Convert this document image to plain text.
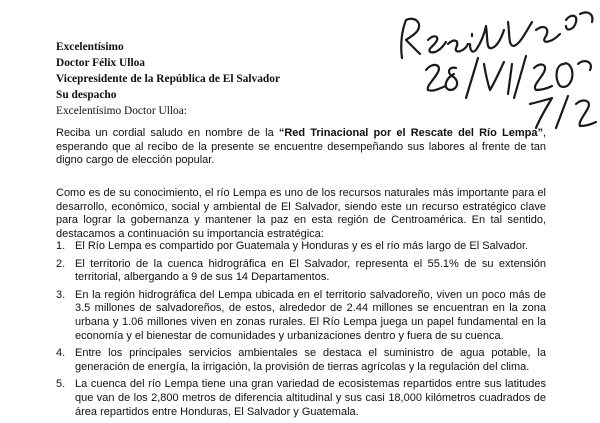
Excelentísimo
Doctor Félix Ulloa
Vicepresidente de la República de El Salvador
Su despacho
Excelentísimo Doctor Ulloa:
Reciba un cordial saludo en nombre de la “Red Trinacional por el Rescate del Río Lempa”, esperando que al recibo de la presente se encuentre desempeñando sus labores al frente de tan digno cargo de elección popular.
Como es de su conocimiento, el río Lempa es uno de los recursos naturales más importante para el desarrollo, económico, social y ambiental de El Salvador, siendo este un recurso estratégico clave para lograr la gobernanza y mantener la paz en esta región de Centroamérica. En tal sentido, destacamos a continuación su importancia estratégica:
1. El Río Lempa es compartido por Guatemala y Honduras y es el río más largo de El Salvador.
2. El territorio de la cuenca hidrográfica en El Salvador, representa el 55.1% de su extensión territorial, albergando a 9 de sus 14 Departamentos.
3. En la región hidrográfica del Lempa ubicada en el territorio salvadoreño, viven un poco más de 3.5 millones de salvadoreños, de estos, alrededor de 2.44 millones se encuentran en la zona urbana y 1.06 millones viven en zonas rurales. El Río Lempa juega un papel fundamental en la economía y el bienestar de comunidades y urbanizaciones dentro y fuera de su cuenca.
4. Entre los principales servicios ambientales se destaca el suministro de agua potable, la generación de energía, la irrigación, la provisión de tierras agrícolas y la regulación del clima.
5. La cuenca del río Lempa tiene una gran variedad de ecosistemas repartidos entre sus latitudes que van de los 2,800 metros de diferencia altitudinal y sus casi 18,000 kilómetros cuadrados de área repartidos entre Honduras, El Salvador y Guatemala.
